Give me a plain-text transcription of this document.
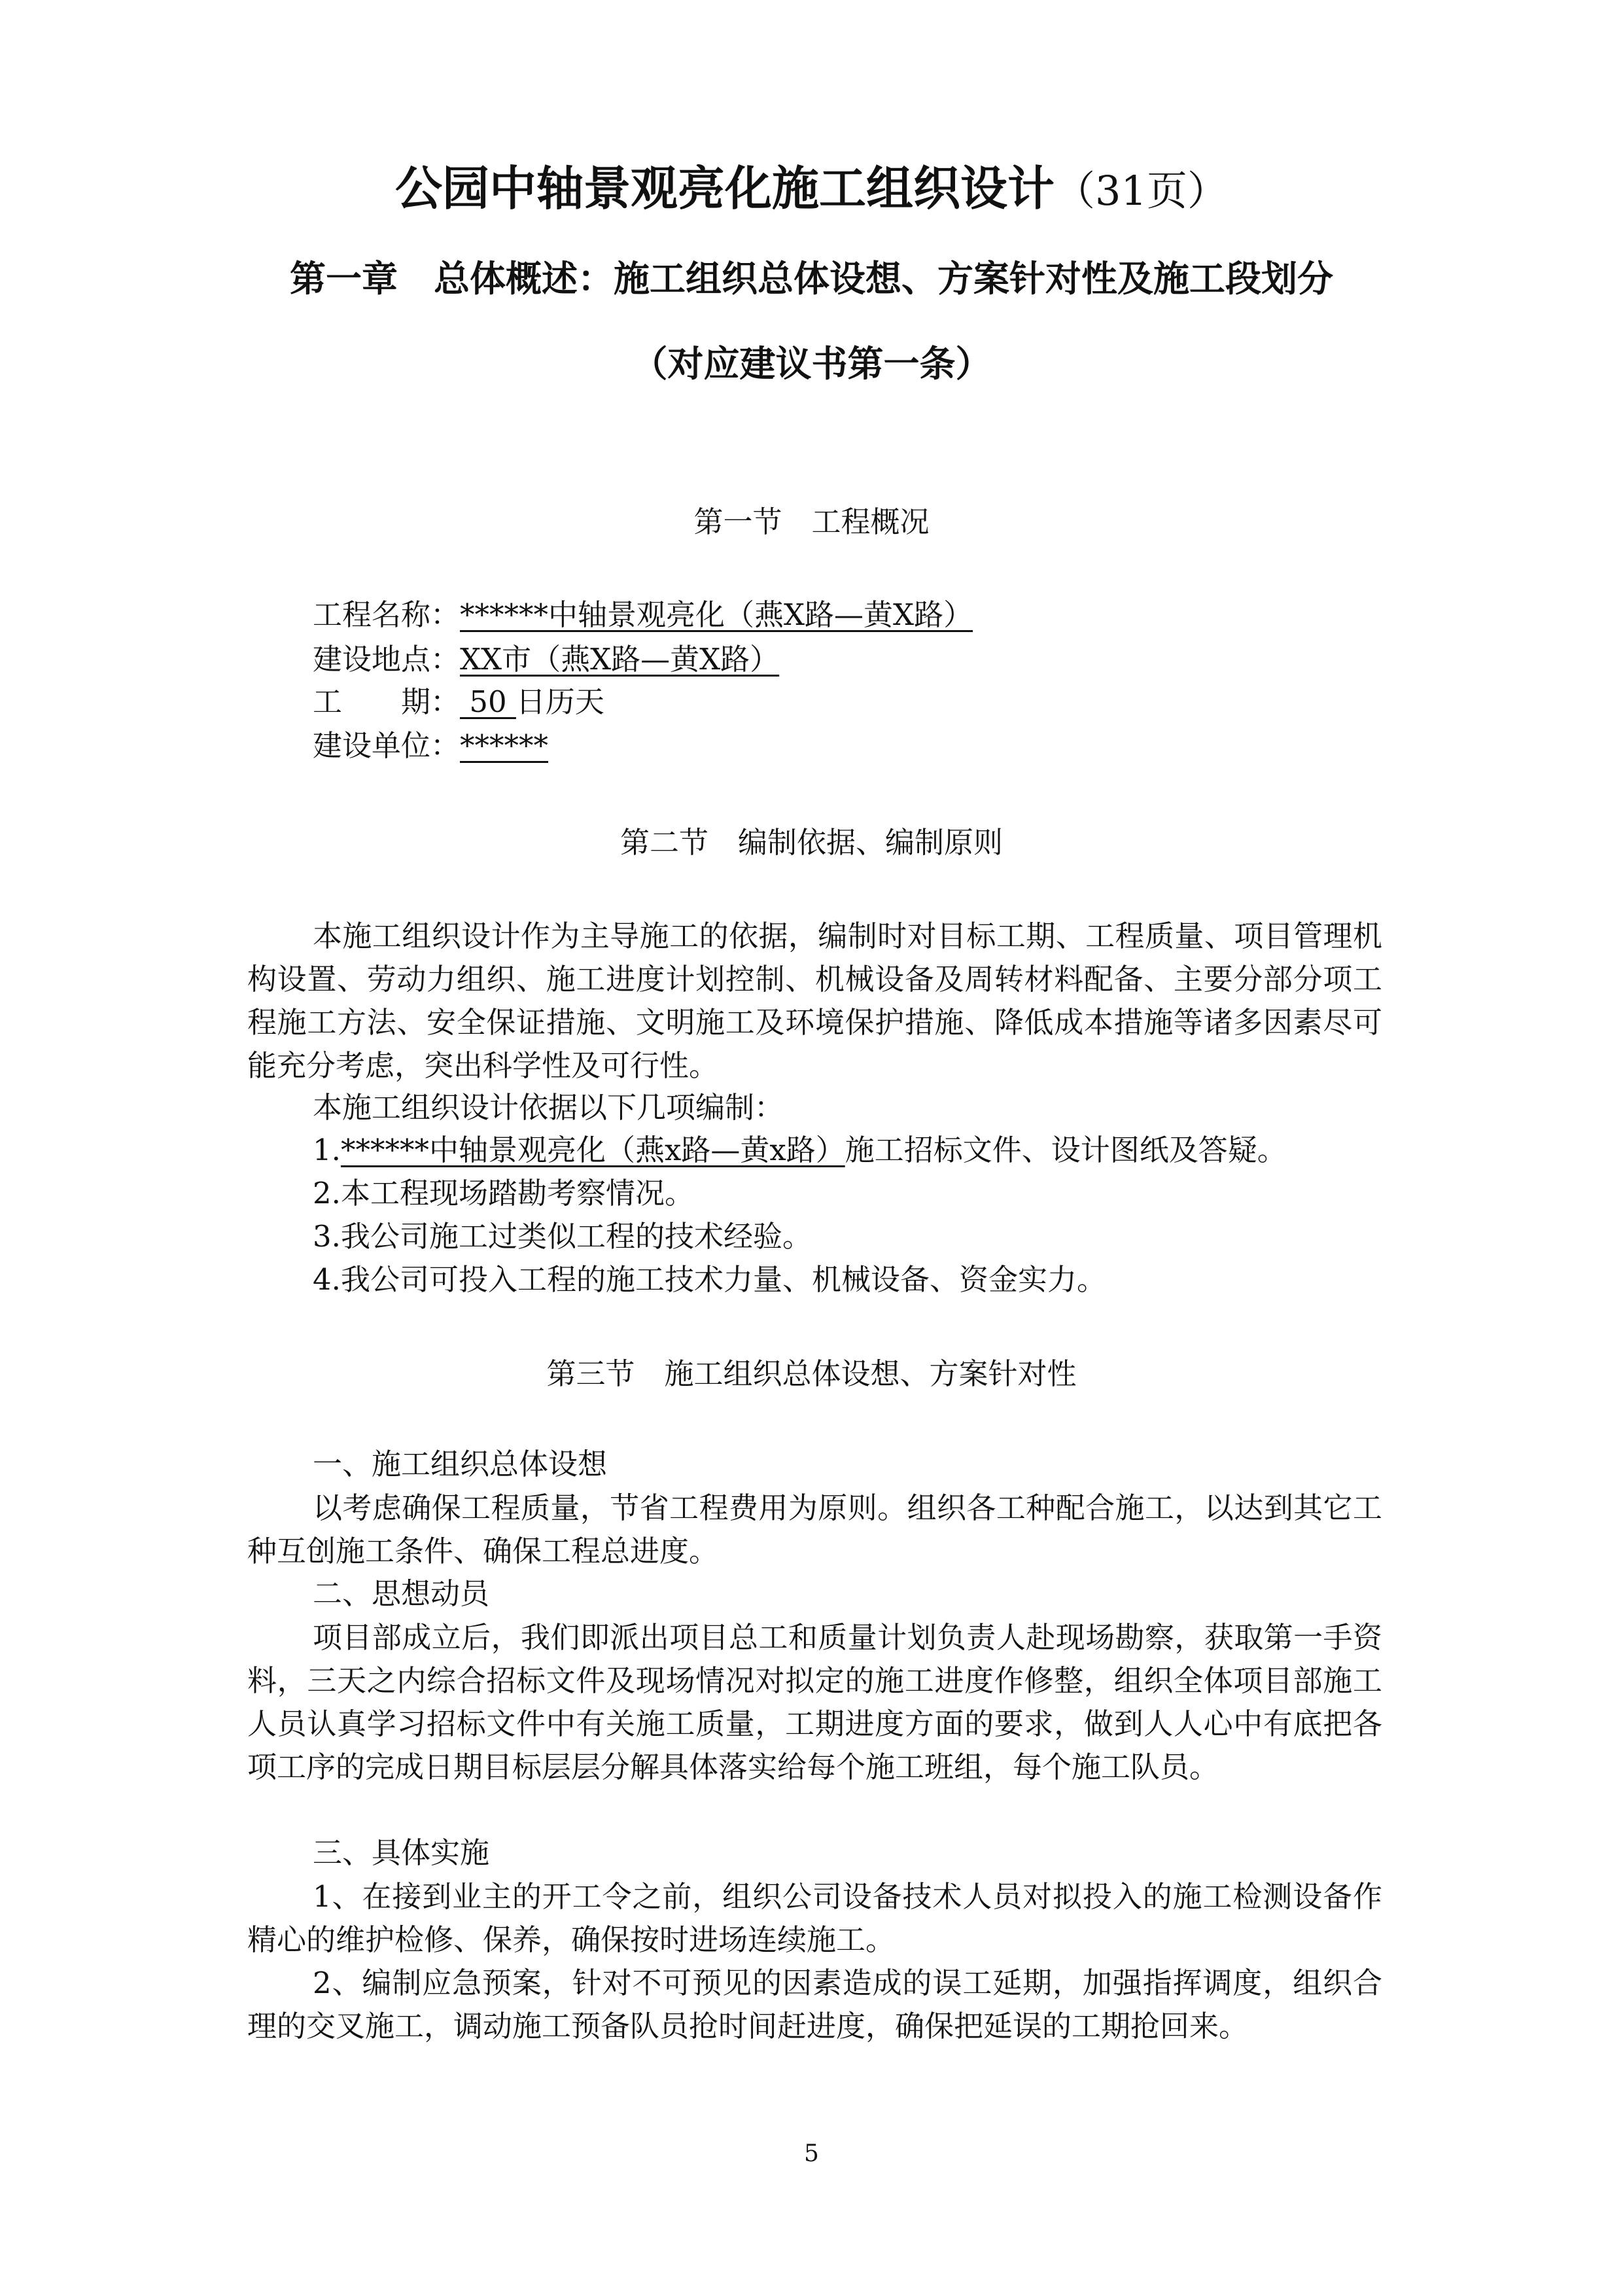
公园中轴景观亮化施工组织设计（31页）
第一章　总体概述：施工组织总体设想、方案针对性及施工段划分
（对应建议书第一条）
第一节　工程概况
工程名称：******中轴景观亮化（燕X路—黄X路）
建设地点：XX市（燕X路—黄X路）
工　　期： 50 日历天
建设单位：******
第二节　编制依据、编制原则
本施工组织设计作为主导施工的依据，编制时对目标工期、工程质量、项目管理机构设置、劳动力组织、施工进度计划控制、机械设备及周转材料配备、主要分部分项工程施工方法、安全保证措施、文明施工及环境保护措施、降低成本措施等诸多因素尽可能充分考虑，突出科学性及可行性。
本施工组织设计依据以下几项编制：
1.******中轴景观亮化（燕x路—黄x路）施工招标文件、设计图纸及答疑。
2.本工程现场踏勘考察情况。
3.我公司施工过类似工程的技术经验。
4.我公司可投入工程的施工技术力量、机械设备、资金实力。
第三节　施工组织总体设想、方案针对性
一、施工组织总体设想
以考虑确保工程质量，节省工程费用为原则。组织各工种配合施工，以达到其它工种互创施工条件、确保工程总进度。
二、思想动员
项目部成立后，我们即派出项目总工和质量计划负责人赴现场勘察，获取第一手资料，三天之内综合招标文件及现场情况对拟定的施工进度作修整，组织全体项目部施工人员认真学习招标文件中有关施工质量，工期进度方面的要求，做到人人心中有底把各项工序的完成日期目标层层分解具体落实给每个施工班组，每个施工队员。
三、具体实施
1、在接到业主的开工令之前，组织公司设备技术人员对拟投入的施工检测设备作精心的维护检修、保养，确保按时进场连续施工。
2、编制应急预案，针对不可预见的因素造成的误工延期，加强指挥调度，组织合理的交叉施工，调动施工预备队员抢时间赶进度，确保把延误的工期抢回来。
5
